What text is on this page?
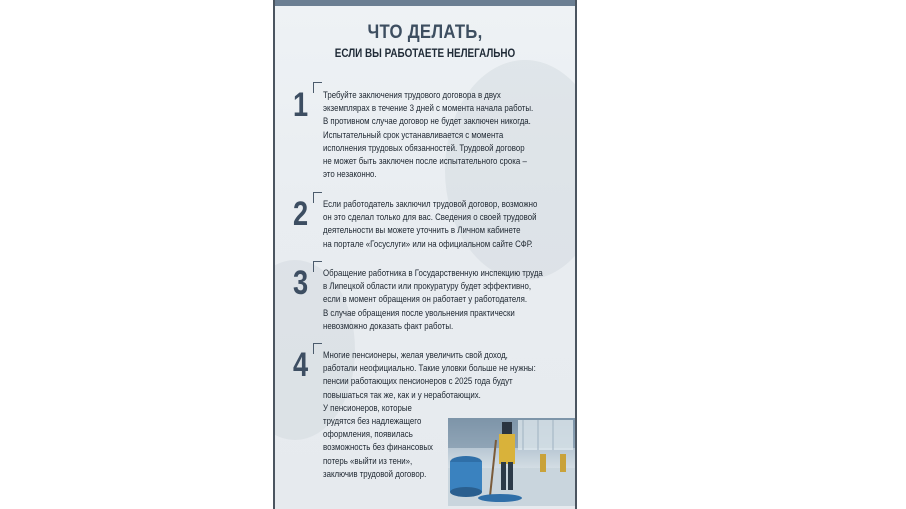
ЧТО ДЕЛАТЬ,
ЕСЛИ ВЫ РАБОТАЕТЕ НЕЛЕГАЛЬНО
1 Требуйте заключения трудового договора в двух
экземплярах в течение 3 дней с момента начала работы.
В противном случае договор не будет заключен никогда.
Испытательный срок устанавливается с момента
исполнения трудовых обязанностей. Трудовой договор
не может быть заключен после испытательного срока –
это незаконно.
2 Если работодатель заключил трудовой договор, возможно
он это сделал только для вас. Сведения о своей трудовой
деятельности вы можете уточнить в Личном кабинете
на портале «Госуслуги» или на официальном сайте СФР.
3 Обращение работника в Государственную инспекцию труда
в Липецкой области или прокуратуру будет эффективно,
если в момент обращения он работает у работодателя.
В случае обращения после увольнения практически
невозможно доказать факт работы.
4 Многие пенсионеры, желая увеличить свой доход,
работали неофициально. Такие уловки больше не нужны:
пенсии работающих пенсионеров с 2025 года будут
повышаться так же, как и у неработающих.
У пенсионеров, которые
трудятся без надлежащего
оформления, появилась
возможность без финансовых
потерь «выйти из тени»,
заключив трудовой договор.
